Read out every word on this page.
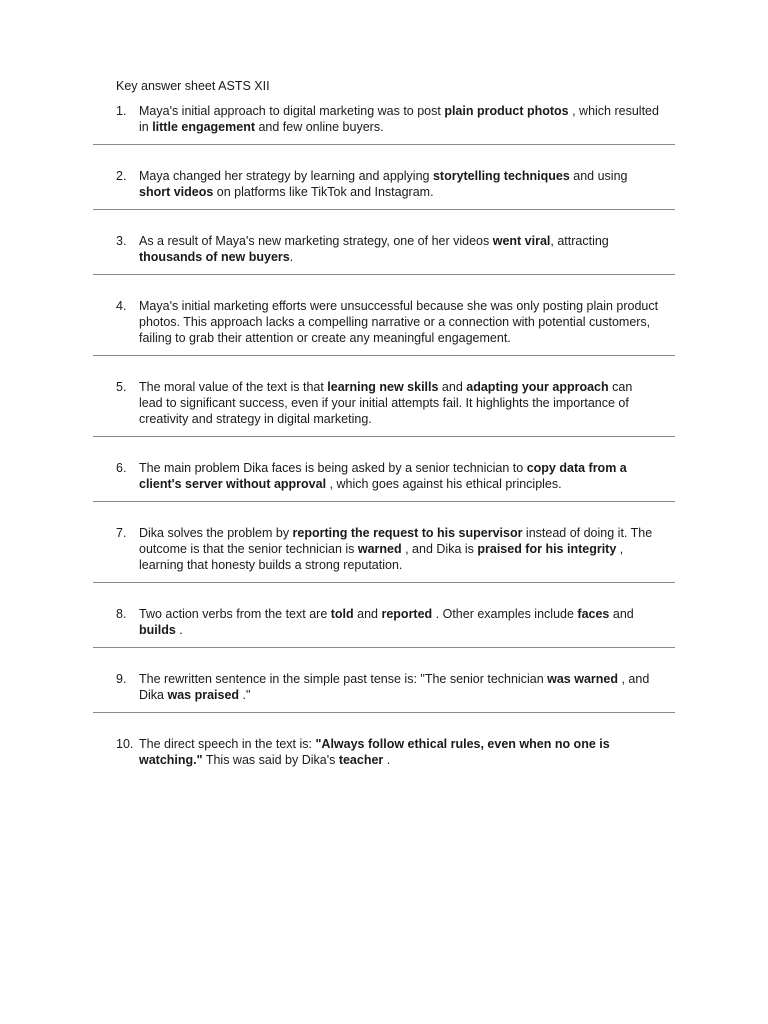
Key answer sheet ASTS XII
1.	Maya's initial approach to digital marketing was to post plain product photos , which resulted in little engagement and few online buyers.
2.	Maya changed her strategy by learning and applying storytelling techniques and using short videos on platforms like TikTok and Instagram.
3.	As a result of Maya's new marketing strategy, one of her videos went viral, attracting thousands of new buyers.
4.	Maya's initial marketing efforts were unsuccessful because she was only posting plain product photos. This approach lacks a compelling narrative or a connection with potential customers, failing to grab their attention or create any meaningful engagement.
5.	The moral value of the text is that learning new skills and adapting your approach can lead to significant success, even if your initial attempts fail. It highlights the importance of creativity and strategy in digital marketing.
6.	The main problem Dika faces is being asked by a senior technician to copy data from a client's server without approval , which goes against his ethical principles.
7.	Dika solves the problem by reporting the request to his supervisor instead of doing it. The outcome is that the senior technician is warned , and Dika is praised for his integrity , learning that honesty builds a strong reputation.
8.	Two action verbs from the text are told and reported . Other examples include faces and builds .
9.	The rewritten sentence in the simple past tense is: "The senior technician was warned , and Dika was praised ."
10. The direct speech in the text is: "Always follow ethical rules, even when no one is watching." This was said by Dika's teacher .
